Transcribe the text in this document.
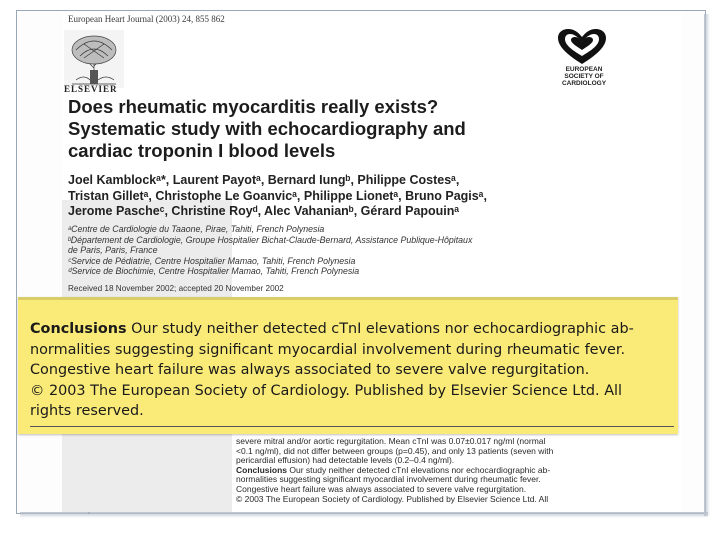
European Heart Journal (2003) 24, 855 862
ELSEVIER
EUROPEAN
SOCIETY OF
CARDIOLOGY
Does rheumatic myocarditis really exists?
Systematic study with echocardiography and
cardiac troponin I blood levels
Joel Kamblockᵃ*, Laurent Payotᵃ, Bernard Iungᵇ, Philippe Costesᵃ,
Tristan Gilletᵃ, Christophe Le Goanvicᵃ, Philippe Lionetᵃ, Bruno Pagisᵃ,
Jerome Pascheᶜ, Christine Royᵈ, Alec Vahanianᵇ, Gérard Papouinᵃ
ᵃCentre de Cardiologie du Taaone, Pirae, Tahiti, French Polynesia
ᵇDépartement de Cardiologie, Groupe Hospitalier Bichat-Claude-Bernard, Assistance Publique-Hôpitaux
de Paris, Paris, France
ᶜService de Pédiatrie, Centre Hospitalier Mamao, Tahiti, French Polynesia
ᵈService de Biochimie, Centre Hospitalier Mamao, Tahiti, French Polynesia
Received 18 November 2002; accepted 20 November 2002
severe mitral and/or aortic regurgitation. Mean cTnI was 0.07±0.017 ng/ml (normal
<0.1 ng/ml), did not differ between groups (p=0.45), and only 13 patients (seven with
pericardial effusion) had detectable levels (0.2–0.4 ng/ml).
Conclusions Our study neither detected cTnI elevations nor echocardiographic ab-
normalities suggesting significant myocardial involvement during rheumatic fever.
Congestive heart failure was always associated to severe valve regurgitation.
© 2003 The European Society of Cardiology. Published by Elsevier Science Ltd. All
,
Conclusions Our study neither detected cTnI elevations nor echocardiographic ab-
normalities suggesting significant myocardial involvement during rheumatic fever.
Congestive heart failure was always associated to severe valve regurgitation.
© 2003 The European Society of Cardiology. Published by Elsevier Science Ltd. All
rights reserved.
